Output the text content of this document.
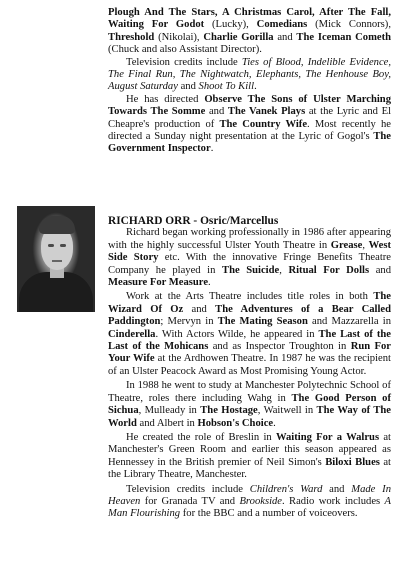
Plough And The Stars, A Christmas Carol, After The Fall, Waiting For Godot (Lucky), Comedians (Mick Connors), Threshold (Nikolai), Charlie Gorilla and The Iceman Cometh (Chuck and also Assistant Director).

Television credits include Ties of Blood, Indelible Evidence, The Final Run, The Nightwatch, Elephants, The Henhouse Boy, August Saturday and Shoot To Kill.

He has directed Observe The Sons of Ulster Marching Towards The Somme and The Vanek Plays at the Lyric and El Cheapre's production of The Country Wife. Most recently he directed a Sunday night presentation at the Lyric of Gogol's The Government Inspector.

RICHARD ORR - Osric/Marcellus

Richard began working professionally in 1986 after appearing with the highly successful Ulster Youth Theatre in Grease, West Side Story etc. With the innovative Fringe Benefits Theatre Company he played in The Suicide, Ritual For Dolls and Measure For Measure.

Work at the Arts Theatre includes title roles in both The Wizard Of Oz and The Adventures of a Bear Called Paddington; Mervyn in The Mating Season and Mazzarella in Cinderella. With Actors Wilde, he appeared in The Last of the Last of the Mohicans and as Inspector Troughton in Run For Your Wife at the Ardhowen Theatre. In 1987 he was the recipient of an Ulster Peacock Award as Most Promising Young Actor.

In 1988 he went to study at Manchester Polytechnic School of Theatre, roles there including Wahg in The Good Person of Sichua, Mulleady in The Hostage, Waitwell in The Way of The World and Albert in Hobson's Choice.

He created the role of Breslin in Waiting For a Walrus at Manchester's Green Room and earlier this season appeared as Hennessey in the British premier of Neil Simon's Biloxi Blues at the Library Theatre, Manchester.

Television credits include Children's Ward and Made In Heaven for Granada TV and Brookside. Radio work includes A Man Flourishing for the BBC and a number of voiceovers.
